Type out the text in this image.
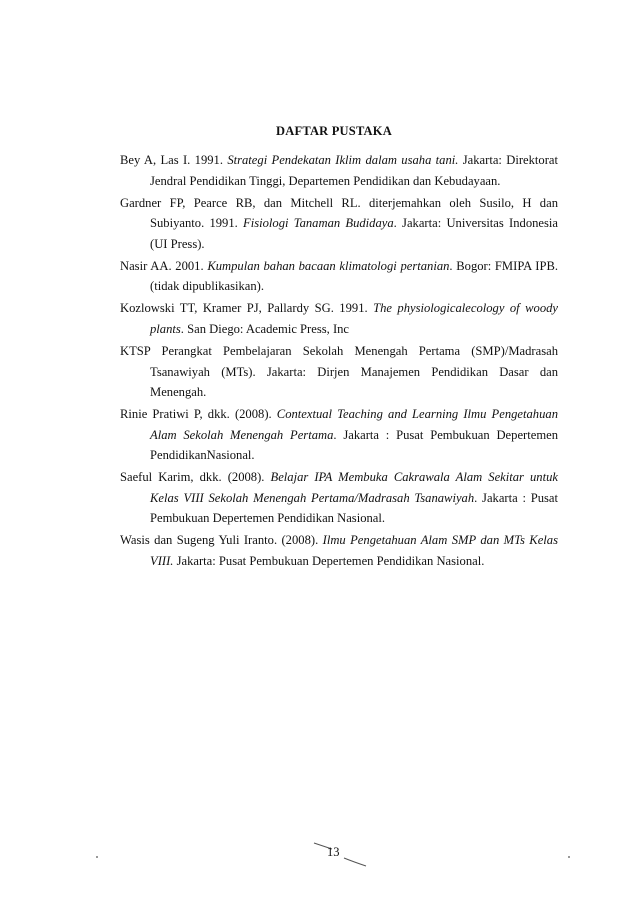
DAFTAR PUSTAKA

Bey A, Las I. 1991. Strategi Pendekatan Iklim dalam usaha tani. Jakarta: Direktorat Jendral Pendidikan Tinggi, Departemen Pendidikan dan Kebudayaan.

Gardner FP, Pearce RB, dan Mitchell RL. diterjemahkan oleh Susilo, H dan Subiyanto. 1991. Fisiologi Tanaman Budidaya. Jakarta: Universitas Indonesia (UI Press).

Nasir AA. 2001. Kumpulan bahan bacaan klimatologi pertanian. Bogor: FMIPA IPB. (tidak dipublikasikan).

Kozlowski TT, Kramer PJ, Pallardy SG. 1991. The physiologicalecology of woody plants. San Diego: Academic Press, Inc

KTSP Perangkat Pembelajaran Sekolah Menengah Pertama (SMP)/Madrasah Tsanawiyah (MTs). Jakarta: Dirjen Manajemen Pendidikan Dasar dan Menengah.

Rinie Pratiwi P, dkk. (2008). Contextual Teaching and Learning Ilmu Pengetahuan Alam Sekolah Menengah Pertama. Jakarta : Pusat Pembukuan Depertemen PendidikanNasional.

Saeful Karim, dkk. (2008). Belajar IPA Membuka Cakrawala Alam Sekitar untuk Kelas VIII Sekolah Menengah Pertama/Madrasah Tsanawiyah. Jakarta : Pusat Pembukuan Depertemen Pendidikan Nasional.

Wasis dan Sugeng Yuli Iranto. (2008). Ilmu Pengetahuan Alam SMP dan MTs Kelas VIII. Jakarta: Pusat Pembukuan Depertemen Pendidikan Nasional.

13
